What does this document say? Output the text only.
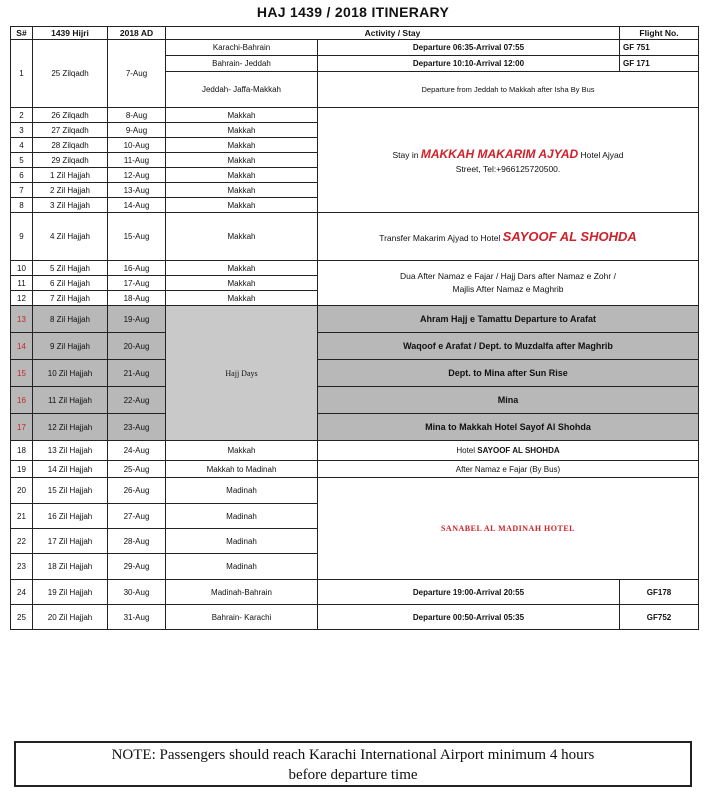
HAJ 1439 / 2018 ITINERARY
S#	1439 Hijri	2018 AD	Activity / Stay		Flight No.
1	25 Zilqadh	7-Aug	Karachi-Bahrain	Departure 06:35-Arrival 07:55	GF 751
			Bahrain- Jeddah	Departure 10:10-Arrival 12:00	GF 171
			Jeddah- Jaffa-Makkah	Departure from Jeddah to Makkah after Isha By Bus	
2	26 Zilqadh	8-Aug	Makkah	Stay in MAKKAH MAKARIM AJYAD Hotel Ajyad
Street, Tel:+966125720500.	

3	27 Zilqadh	9-Aug	Makkah		
4	28 Zilqadh	10-Aug	Makkah		
5	29 Zilqadh	11-Aug	Makkah		
6	1 Zil Hajjah	12-Aug	Makkah		
7	2 Zil Hajjah	13-Aug	Makkah		
8	3 Zil Hajjah	14-Aug	Makkah		
9	4 Zil Hajjah	15-Aug	Makkah	Transfer Makarim Ajyad to Hotel SAYOOF AL SHOHDA	
10	5 Zil Hajjah	16-Aug	Makkah	Dua After Namaz e Fajar / Hajj Dars after Namaz e Zohr /
Majlis After Namaz e Maghrib	

11	6 Zil Hajjah	17-Aug	Makkah		
12	7 Zil Hajjah	18-Aug	Makkah		
13	8 Zil Hajjah	19-Aug	Hajj Days	Ahram Hajj e Tamattu Departure to Arafat	
14	9 Zil Hajjah	20-Aug		Waqoof e Arafat / Dept. to Muzdalfa after Maghrib	
15	10 Zil Hajjah	21-Aug		Dept. to Mina after Sun Rise	
16	11 Zil Hajjah	22-Aug		Mina	
17	12 Zil Hajjah	23-Aug		Mina to Makkah Hotel Sayof Al Shohda	
18	13 Zil Hajjah	24-Aug	Makkah	Hotel SAYOOF AL SHOHDA	
19	14 Zil Hajjah	25-Aug	Makkah to Madinah	After Namaz e Fajar (By Bus)	
20	15 Zil Hajjah	26-Aug	Madinah	SANABEL AL MADINAH HOTEL	
21	16 Zil Hajjah	27-Aug	Madinah		
22	17 Zil Hajjah	28-Aug	Madinah		
23	18 Zil Hajjah	29-Aug	Madinah		
24	19 Zil Hajjah	30-Aug	Madinah-Bahrain	Departure 19:00-Arrival 20:55	GF178
25	20 Zil Hajjah	31-Aug	Bahrain- Karachi	Departure 00:50-Arrival 05:35	GF752
NOTE: Passengers should reach Karachi International Airport minimum 4 hours
before departure time
